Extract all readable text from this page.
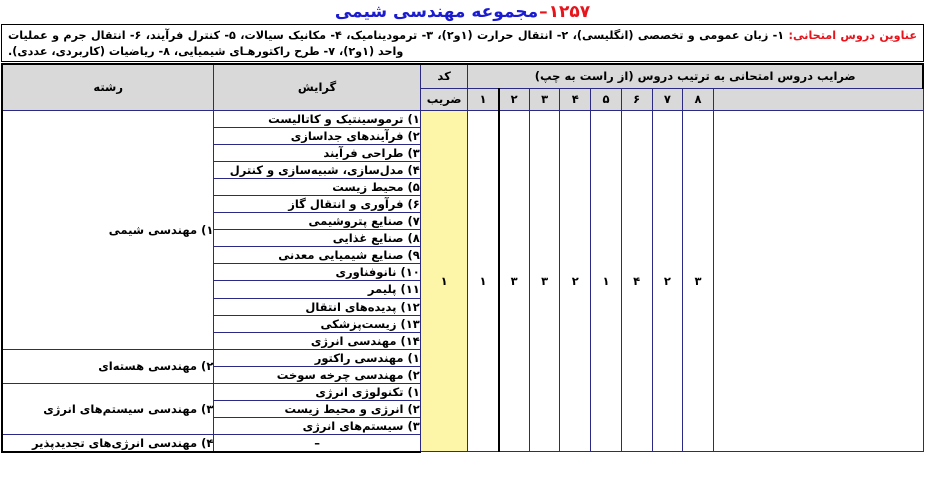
۱۲۵۷
–
مجموعه مهندسی شیمی
عناوین دروس امتحانی: ۱- زبان عمومی و تخصصی (انگلیسی)، ۲- انتقال حرارت (۱و۲)، ۳- ترمودینامیک، ۴- مکانیک سیالات، ۵- کنترل فرآیند، ۶- انتقال جرم و عملیات واحد (۱و۲)، ۷- طرح راکتورهـای شیمیایی، ۸- ریاضیات (کاربردی، عددی).
ضرایب دروس امتحانی به ترتیب دروس (از راست به چپ)									کد	گرایش	رشته
	۸	۷	۶	۵	۴	۳	۲	۱	ضریب		
	۳	۲	۴	۱	۲	۳	۳	۱	۱	۱) ترموسینتیک و کاتالیست	۱) مهندسی شیمی
										۲) فرآیندهای جداسازی	
										۳) طراحی فرآیند	
										۴) مدل‌سازی، شبیه‌سازی و کنترل	
										۵) محیط زیست	
										۶) فرآوری و انتقال گاز	
										۷) صنایع پتروشیمی	
										۸) صنایع غذایی	
										۹) صنایع شیمیایی معدنی	
										۱۰) نانوفناوری	
										۱۱) پلیمر	
										۱۲) پدیده‌های انتقال	
										۱۳) زیست‌پزشکی	
										۱۴) مهندسی انرژی	
										۱) مهندسی راکتور	۲) مهندسی هسته‌ای
										۲) مهندسی چرخه سوخت	
										۱) تکنولوژی انرژی	۳) مهندسی سیستم‌های انرژی
										۲) انرژی و محیط زیست	
										۳) سیستم‌های انرژی	
										–	۴) مهندسی انرژی‌های تجدیدپذیر
